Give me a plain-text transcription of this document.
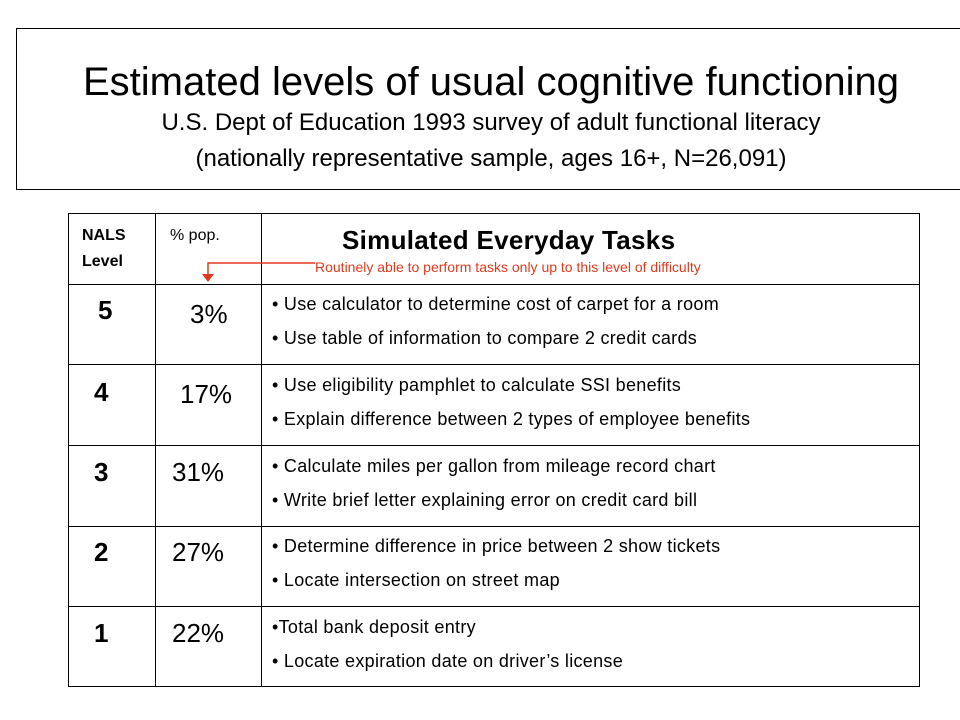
Estimated levels of usual cognitive functioning
U.S. Dept of Education 1993 survey of adult functional literacy
(nationally representative sample, ages 16+, N=26,091)
NALS
Level
% pop.	Simulated Everyday Tasks
Routinely able to perform tasks only up to this level of difficulty
5	3% • Use calculator to determine cost of carpet for a room
• Use table of information to compare 2 credit cards
4	17% • Use eligibility pamphlet to calculate SSI benefits
• Explain difference between 2 types of employee benefits
3 31%	• Calculate miles per gallon from mileage record chart
• Write brief letter explaining error on credit card bill
2 27%	• Determine difference in price between 2 show tickets
• Locate intersection on street map
1 22%	•Total bank deposit entry
• Locate expiration date on driver’s license
